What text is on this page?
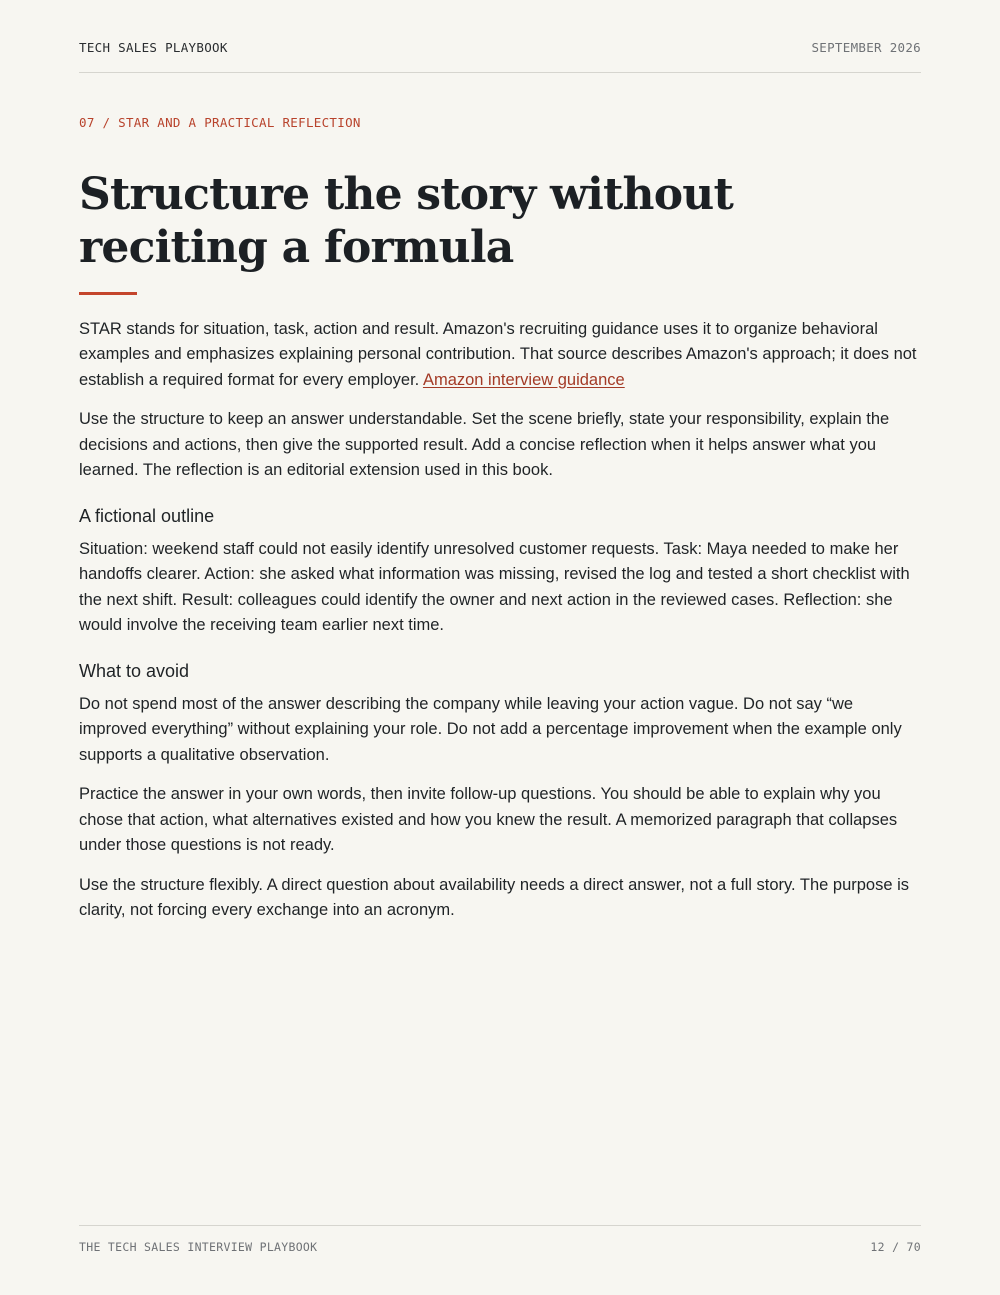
TECH SALES PLAYBOOK	SEPTEMBER 2026

07 / STAR AND A PRACTICAL REFLECTION

Structure the story without reciting a formula

STAR stands for situation, task, action and result. Amazon's recruiting guidance uses it to organize behavioral examples and emphasizes explaining personal contribution. That source describes Amazon's approach; it does not establish a required format for every employer. Amazon interview guidance

Use the structure to keep an answer understandable. Set the scene briefly, state your responsibility, explain the decisions and actions, then give the supported result. Add a concise reflection when it helps answer what you learned. The reflection is an editorial extension used in this book.

A fictional outline

Situation: weekend staff could not easily identify unresolved customer requests. Task: Maya needed to make her handoffs clearer. Action: she asked what information was missing, revised the log and tested a short checklist with the next shift. Result: colleagues could identify the owner and next action in the reviewed cases. Reflection: she would involve the receiving team earlier next time.

What to avoid

Do not spend most of the answer describing the company while leaving your action vague. Do not say “we improved everything” without explaining your role. Do not add a percentage improvement when the example only supports a qualitative observation.

Practice the answer in your own words, then invite follow-up questions. You should be able to explain why you chose that action, what alternatives existed and how you knew the result. A memorized paragraph that collapses under those questions is not ready.

Use the structure flexibly. A direct question about availability needs a direct answer, not a full story. The purpose is clarity, not forcing every exchange into an acronym.

THE TECH SALES INTERVIEW PLAYBOOK	12 / 70
